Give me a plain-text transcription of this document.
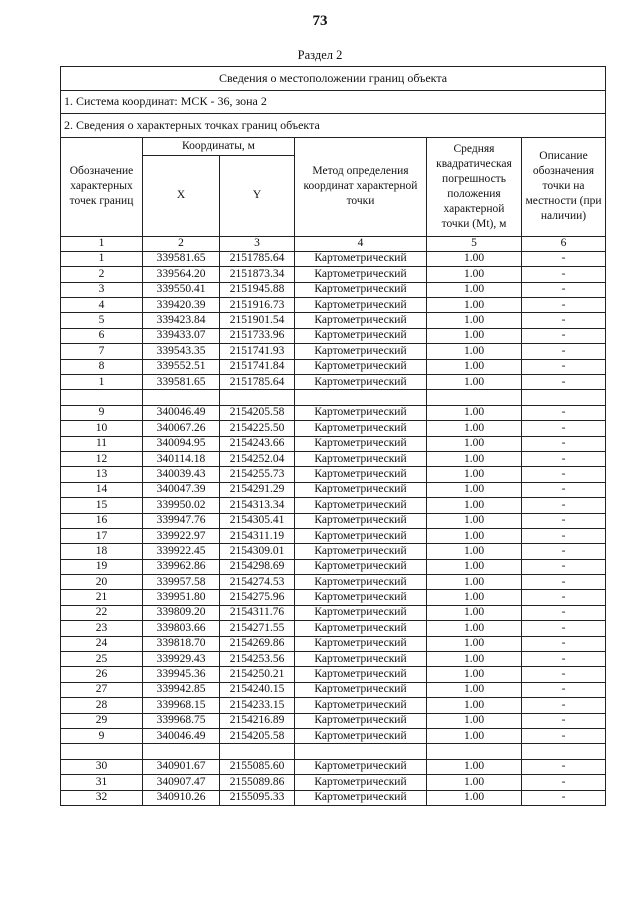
73
Раздел 2
Сведения о местоположении границ объекта					
1. Система координат: МСК - 36, зона 2					
2. Сведения о характерных точках границ объекта					
Обозначение характерных точек границ	Координаты, м		Метод определения координат характерной точки	Средняя квадратическая погрешность положения характерной точки (Mt), м	Описание обозначения точки на местности (при наличии)
	X	Y			
1	2	3	4	5	6
1	339581.65	2151785.64	Картометрический	1.00	-
2	339564.20	2151873.34	Картометрический	1.00	-
3	339550.41	2151945.88	Картометрический	1.00	-
4	339420.39	2151916.73	Картометрический	1.00	-
5	339423.84	2151901.54	Картометрический	1.00	-
6	339433.07	2151733.96	Картометрический	1.00	-
7	339543.35	2151741.93	Картометрический	1.00	-
8	339552.51	2151741.84	Картометрический	1.00	-
1	339581.65	2151785.64	Картометрический	1.00	-

9	340046.49	2154205.58	Картометрический	1.00	-
10	340067.26	2154225.50	Картометрический	1.00	-
11	340094.95	2154243.66	Картометрический	1.00	-
12	340114.18	2154252.04	Картометрический	1.00	-
13	340039.43	2154255.73	Картометрический	1.00	-
14	340047.39	2154291.29	Картометрический	1.00	-
15	339950.02	2154313.34	Картометрический	1.00	-
16	339947.76	2154305.41	Картометрический	1.00	-
17	339922.97	2154311.19	Картометрический	1.00	-
18	339922.45	2154309.01	Картометрический	1.00	-
19	339962.86	2154298.69	Картометрический	1.00	-
20	339957.58	2154274.53	Картометрический	1.00	-
21	339951.80	2154275.96	Картометрический	1.00	-
22	339809.20	2154311.76	Картометрический	1.00	-
23	339803.66	2154271.55	Картометрический	1.00	-
24	339818.70	2154269.86	Картометрический	1.00	-
25	339929.43	2154253.56	Картометрический	1.00	-
26	339945.36	2154250.21	Картометрический	1.00	-
27	339942.85	2154240.15	Картометрический	1.00	-
28	339968.15	2154233.15	Картометрический	1.00	-
29	339968.75	2154216.89	Картометрический	1.00	-
9	340046.49	2154205.58	Картометрический	1.00	-

30	340901.67	2155085.60	Картометрический	1.00	-
31	340907.47	2155089.86	Картометрический	1.00	-
32	340910.26	2155095.33	Картометрический	1.00	-
